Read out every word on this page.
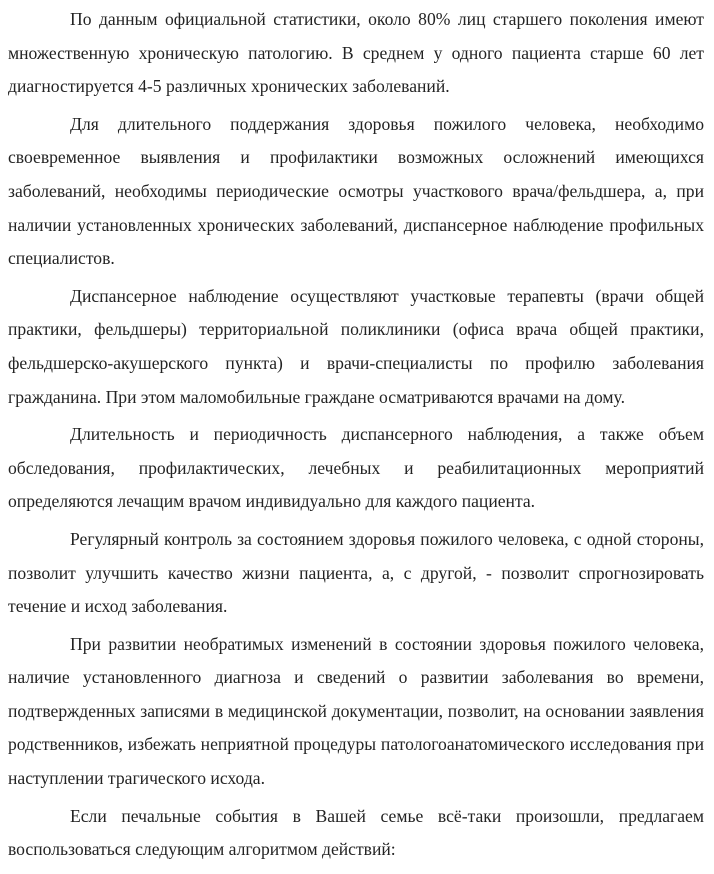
По данным официальной статистики, около 80% лиц старшего поколения имеют множественную хроническую патологию. В среднем у одного пациента старше 60 лет диагностируется 4-5 различных хронических заболеваний.

Для длительного поддержания здоровья пожилого человека, необходимо своевременное выявления и профилактики возможных осложнений имеющихся заболеваний, необходимы периодические осмотры участкового врача/фельдшера, а, при наличии установленных хронических заболеваний, диспансерное наблюдение профильных специалистов.

Диспансерное наблюдение осуществляют участковые терапевты (врачи общей практики, фельдшеры) территориальной поликлиники (офиса врача общей практики, фельдшерско-акушерского пункта) и врачи-специалисты по профилю заболевания гражданина. При этом маломобильные граждане осматриваются врачами на дому.

Длительность и периодичность диспансерного наблюдения, а также объем обследования, профилактических, лечебных и реабилитационных мероприятий определяются лечащим врачом индивидуально для каждого пациента.

Регулярный контроль за состоянием здоровья пожилого человека, с одной стороны, позволит улучшить качество жизни пациента, а, с другой, - позволит спрогнозировать течение и исход заболевания.

При развитии необратимых изменений в состоянии здоровья пожилого человека, наличие установленного диагноза и сведений о развитии заболевания во времени, подтвержденных записями в медицинской документации, позволит, на основании заявления родственников, избежать неприятной процедуры патологоанатомического исследования при наступлении трагического исхода.

Если печальные события в Вашей семье всё-таки произошли, предлагаем воспользоваться следующим алгоритмом действий:
